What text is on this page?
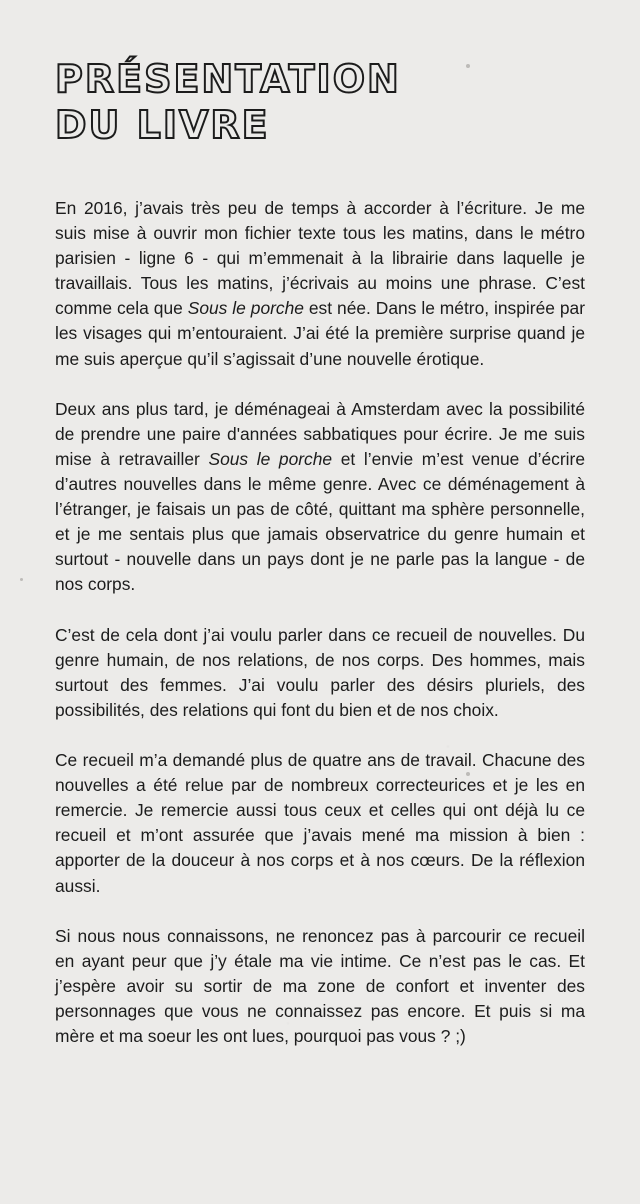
PRÉSENTATION
DU LIVRE

En 2016, j’avais très peu de temps à accorder à l’écriture. Je me suis mise à ouvrir mon fichier texte tous les matins, dans le métro parisien - ligne 6 - qui m’emmenait à la librairie dans laquelle je travaillais. Tous les matins, j’écrivais au moins une phrase. C’est comme cela que Sous le porche est née. Dans le métro, inspirée par les visages qui m’entouraient. J’ai été la première surprise quand je me suis aperçue qu’il s’agissait d’une nouvelle érotique.

Deux ans plus tard, je déménageai à Amsterdam avec la possibilité de prendre une paire d'années sabbatiques pour écrire. Je me suis mise à retravailler Sous le porche et l’envie m’est venue d’écrire d’autres nouvelles dans le même genre. Avec ce déménagement à l’étranger, je faisais un pas de côté, quittant ma sphère personnelle, et je me sentais plus que jamais observatrice du genre humain et surtout - nouvelle dans un pays dont je ne parle pas la langue - de nos corps.

C’est de cela dont j’ai voulu parler dans ce recueil de nouvelles. Du genre humain, de nos relations, de nos corps. Des hommes, mais surtout des femmes. J’ai voulu parler des désirs pluriels, des possibilités, des relations qui font du bien et de nos choix.

Ce recueil m’a demandé plus de quatre ans de travail. Chacune des nouvelles a été relue par de nombreux correcteurices et je les en remercie. Je remercie aussi tous ceux et celles qui ont déjà lu ce recueil et m’ont assurée que j’avais mené ma mission à bien : apporter de la douceur à nos corps et à nos cœurs. De la réflexion aussi.

Si nous nous connaissons, ne renoncez pas à parcourir ce recueil en ayant peur que j’y étale ma vie intime. Ce n’est pas le cas. Et j’espère avoir su sortir de ma zone de confort et inventer des personnages que vous ne connaissez pas encore. Et puis si ma mère et ma soeur les ont lues, pourquoi pas vous ? ;)
